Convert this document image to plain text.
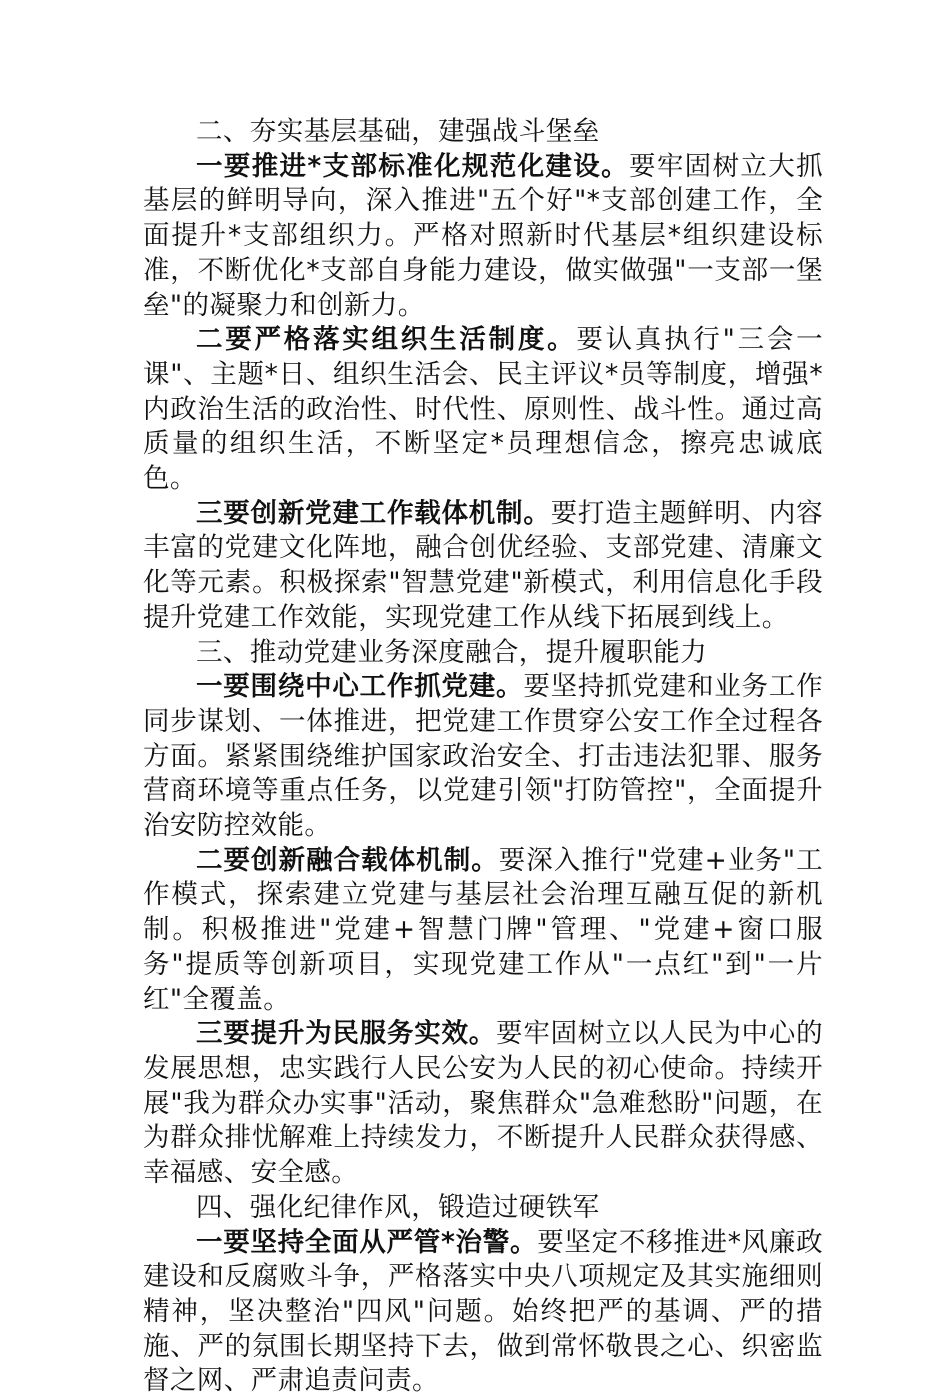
二、夯实基层基础，建强战斗堡垒

一要推进*支部标准化规范化建设。要牢固树立大抓基层的鲜明导向，深入推进"五个好"*支部创建工作，全面提升*支部组织力。严格对照新时代基层*组织建设标准，不断优化*支部自身能力建设，做实做强"一支部一堡垒"的凝聚力和创新力。

二要严格落实组织生活制度。要认真执行"三会一课"、主题*日、组织生活会、民主评议*员等制度，增强*内政治生活的政治性、时代性、原则性、战斗性。通过高质量的组织生活，不断坚定*员理想信念，擦亮忠诚底色。

三要创新党建工作载体机制。要打造主题鲜明、内容丰富的党建文化阵地，融合创优经验、支部党建、清廉文化等元素。积极探索"智慧党建"新模式，利用信息化手段提升党建工作效能，实现党建工作从线下拓展到线上。

三、推动党建业务深度融合，提升履职能力

一要围绕中心工作抓党建。要坚持抓党建和业务工作同步谋划、一体推进，把党建工作贯穿公安工作全过程各方面。紧紧围绕维护国家政治安全、打击违法犯罪、服务营商环境等重点任务，以党建引领"打防管控"，全面提升治安防控效能。

二要创新融合载体机制。要深入推行"党建+业务"工作模式，探索建立党建与基层社会治理互融互促的新机制。积极推进"党建+智慧门牌"管理、"党建+窗口服务"提质等创新项目，实现党建工作从"一点红"到"一片红"全覆盖。

三要提升为民服务实效。要牢固树立以人民为中心的发展思想，忠实践行人民公安为人民的初心使命。持续开展"我为群众办实事"活动，聚焦群众"急难愁盼"问题，在为群众排忧解难上持续发力，不断提升人民群众获得感、幸福感、安全感。

四、强化纪律作风，锻造过硬铁军

一要坚持全面从严管*治警。要坚定不移推进*风廉政建设和反腐败斗争，严格落实中央八项规定及其实施细则精神，坚决整治"四风"问题。始终把严的基调、严的措施、严的氛围长期坚持下去，做到常怀敬畏之心、织密监督之网、严肃追责问责。
